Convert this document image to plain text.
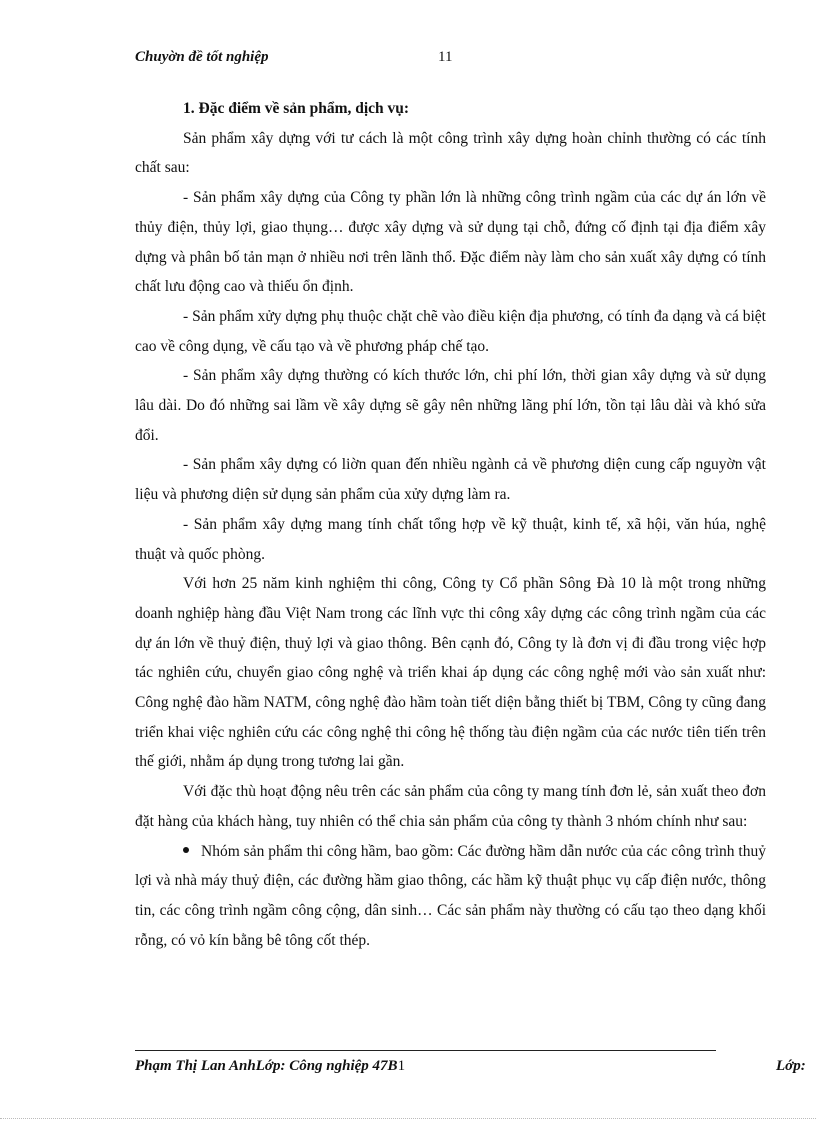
Chuyờn đề tốt nghiệp	11

1. Đặc điểm về sản phẩm, dịch vụ:

Sản phẩm xây dựng với tư cách là một công trình xây dựng hoàn chỉnh thường có các tính chất sau:

- Sản phẩm xây dựng của Công ty phần lớn là những công trình ngầm của các dự án lớn về thủy điện, thủy lợi, giao thụng… được xây dựng và sử dụng tại chỗ, đứng cố định tại địa điểm xây dựng và phân bố tản mạn ở nhiều nơi trên lãnh thổ. Đặc điểm này làm cho sản xuất xây dựng có tính chất lưu động cao và thiếu ổn định.

- Sản phẩm xửy dựng phụ thuộc chặt chẽ vào điều kiện địa phương, có tính đa dạng và cá biệt cao về công dụng, về cấu tạo và về phương pháp chế tạo.

- Sản phẩm xây dựng thường có kích thước lớn, chi phí lớn, thời gian xây dựng và sử dụng lâu dài. Do đó những sai lầm về xây dựng sẽ gây nên những lãng phí lớn, tồn tại lâu dài và khó sửa đổi.

- Sản phẩm xây dựng có liờn quan đến nhiều ngành cả về phương diện cung cấp nguyờn vật liệu và phương diện sử dụng sản phẩm của xửy dựng làm ra.

- Sản phẩm xây dựng mang tính chất tổng hợp về kỹ thuật, kinh tế, xã hội, văn húa, nghệ thuật và quốc phòng.

Với hơn 25 năm kinh nghiệm thi công, Công ty Cổ phần Sông Đà 10 là một trong những doanh nghiệp hàng đầu Việt Nam trong các lĩnh vực thi công xây dựng các công trình ngầm của các dự án lớn về thuỷ điện, thuỷ lợi và giao thông. Bên cạnh đó, Công ty là đơn vị đi đầu trong việc hợp tác nghiên cứu, chuyển giao công nghệ và triển khai áp dụng các công nghệ mới vào sản xuất như: Công nghệ đào hầm NATM, công nghệ đào hầm toàn tiết diện bằng thiết bị TBM, Công ty cũng đang triển khai việc nghiên cứu các công nghệ thi công hệ thống tàu điện ngầm của các nước tiên tiến trên thế giới, nhằm áp dụng trong tương lai gần.

Với đặc thù hoạt động nêu trên các sản phẩm của công ty mang tính đơn lẻ, sản xuất theo đơn đặt hàng của khách hàng, tuy nhiên có thể chia sản phẩm của công ty thành 3 nhóm chính như sau:

Nhóm sản phẩm thi công hầm, bao gồm: Các đường hầm dẫn nước của các công trình thuỷ lợi và nhà máy thuỷ điện, các đường hầm giao thông, các hầm kỹ thuật phục vụ cấp điện nước, thông tin, các công trình ngầm công cộng, dân sinh… Các sản phẩm này thường có cấu tạo theo dạng khối rỗng, có vỏ kín bằng bê tông cốt thép.

Phạm Thị Lan AnhLớp: Công nghiệp 47B1	Lớp:
